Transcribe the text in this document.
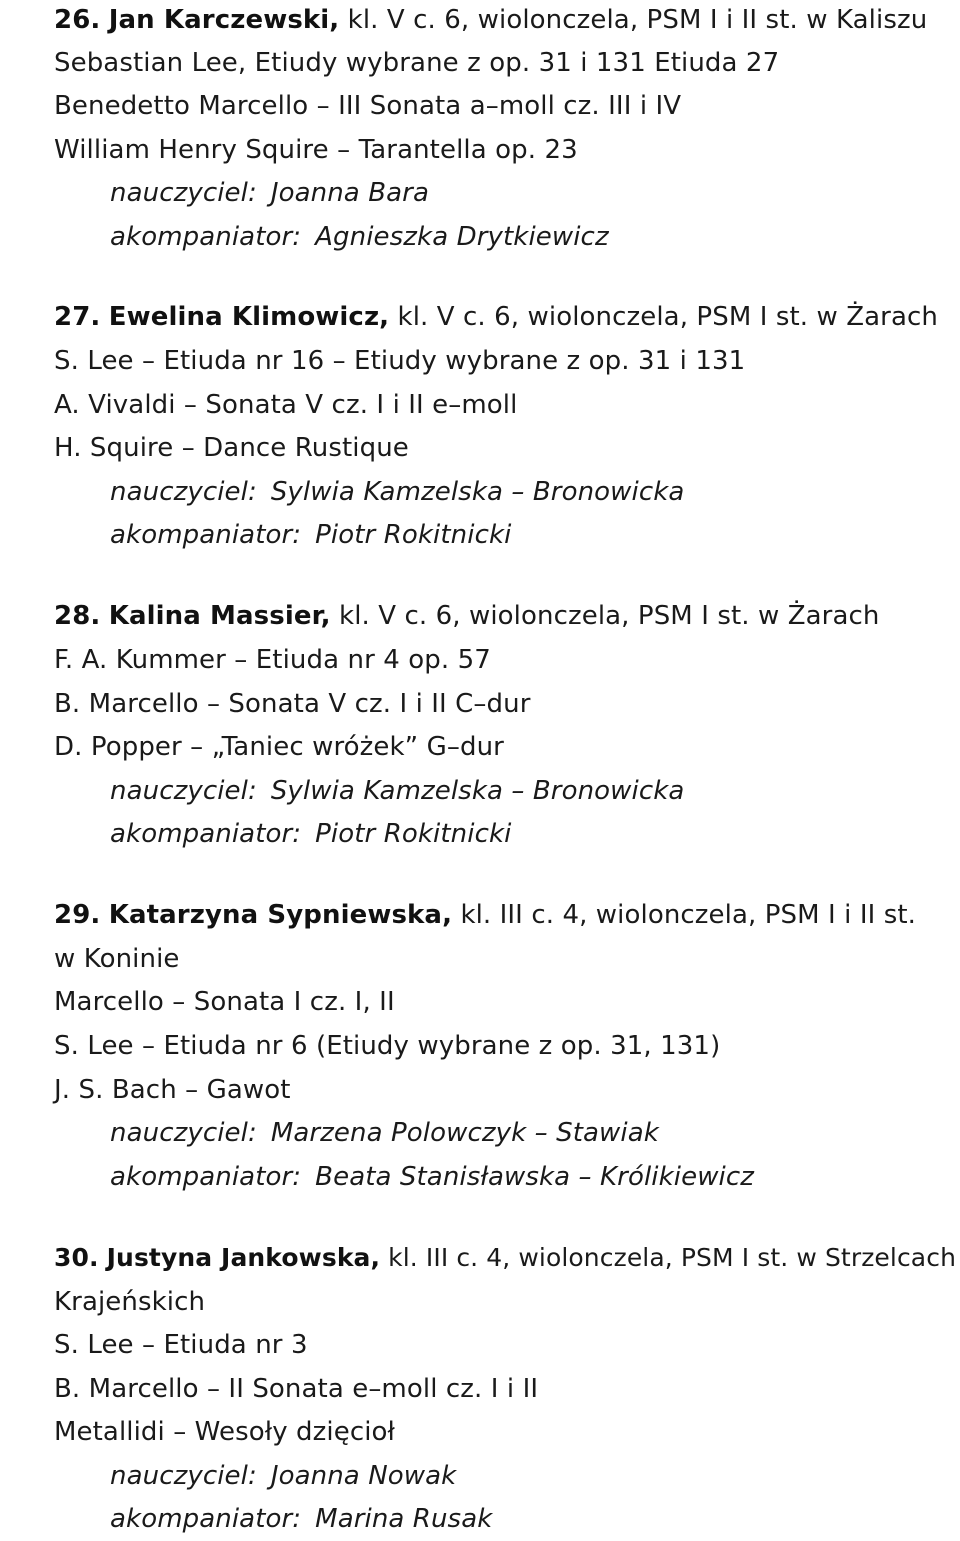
26. Jan Karczewski, kl. V c. 6, wiolonczela, PSM I i II st. w Kaliszu
Sebastian Lee, Etiudy wybrane z op. 31 i 131 Etiuda 27
Benedetto Marcello – III Sonata a–moll cz. III i IV
William Henry Squire – Tarantella op. 23
nauczyciel: Joanna Bara
akompaniator: Agnieszka Drytkiewicz
27. Ewelina Klimowicz, kl. V c. 6, wiolonczela, PSM I st. w Żarach
S. Lee – Etiuda nr 16 – Etiudy wybrane z op. 31 i 131
A. Vivaldi – Sonata V cz. I i II e–moll
H. Squire – Dance Rustique
nauczyciel: Sylwia Kamzelska – Bronowicka
akompaniator: Piotr Rokitnicki
28. Kalina Massier, kl. V c. 6, wiolonczela, PSM I st. w Żarach
F. A. Kummer – Etiuda nr 4 op. 57
B. Marcello – Sonata V cz. I i II C–dur
D. Popper – „Taniec wróżek” G–dur
nauczyciel: Sylwia Kamzelska – Bronowicka
akompaniator: Piotr Rokitnicki
29. Katarzyna Sypniewska, kl. III c. 4, wiolonczela, PSM I i II st.
w Koninie
Marcello – Sonata I cz. I, II
S. Lee – Etiuda nr 6 (Etiudy wybrane z op. 31, 131)
J. S. Bach – Gawot
nauczyciel: Marzena Polowczyk – Stawiak
akompaniator: Beata Stanisławska – Królikiewicz
30. Justyna Jankowska, kl. III c. 4, wiolonczela, PSM I st. w Strzelcach
Krajeńskich
S. Lee – Etiuda nr 3
B. Marcello – II Sonata e–moll cz. I i II
Metallidi – Wesoły dzięcioł
nauczyciel: Joanna Nowak
akompaniator: Marina Rusak
